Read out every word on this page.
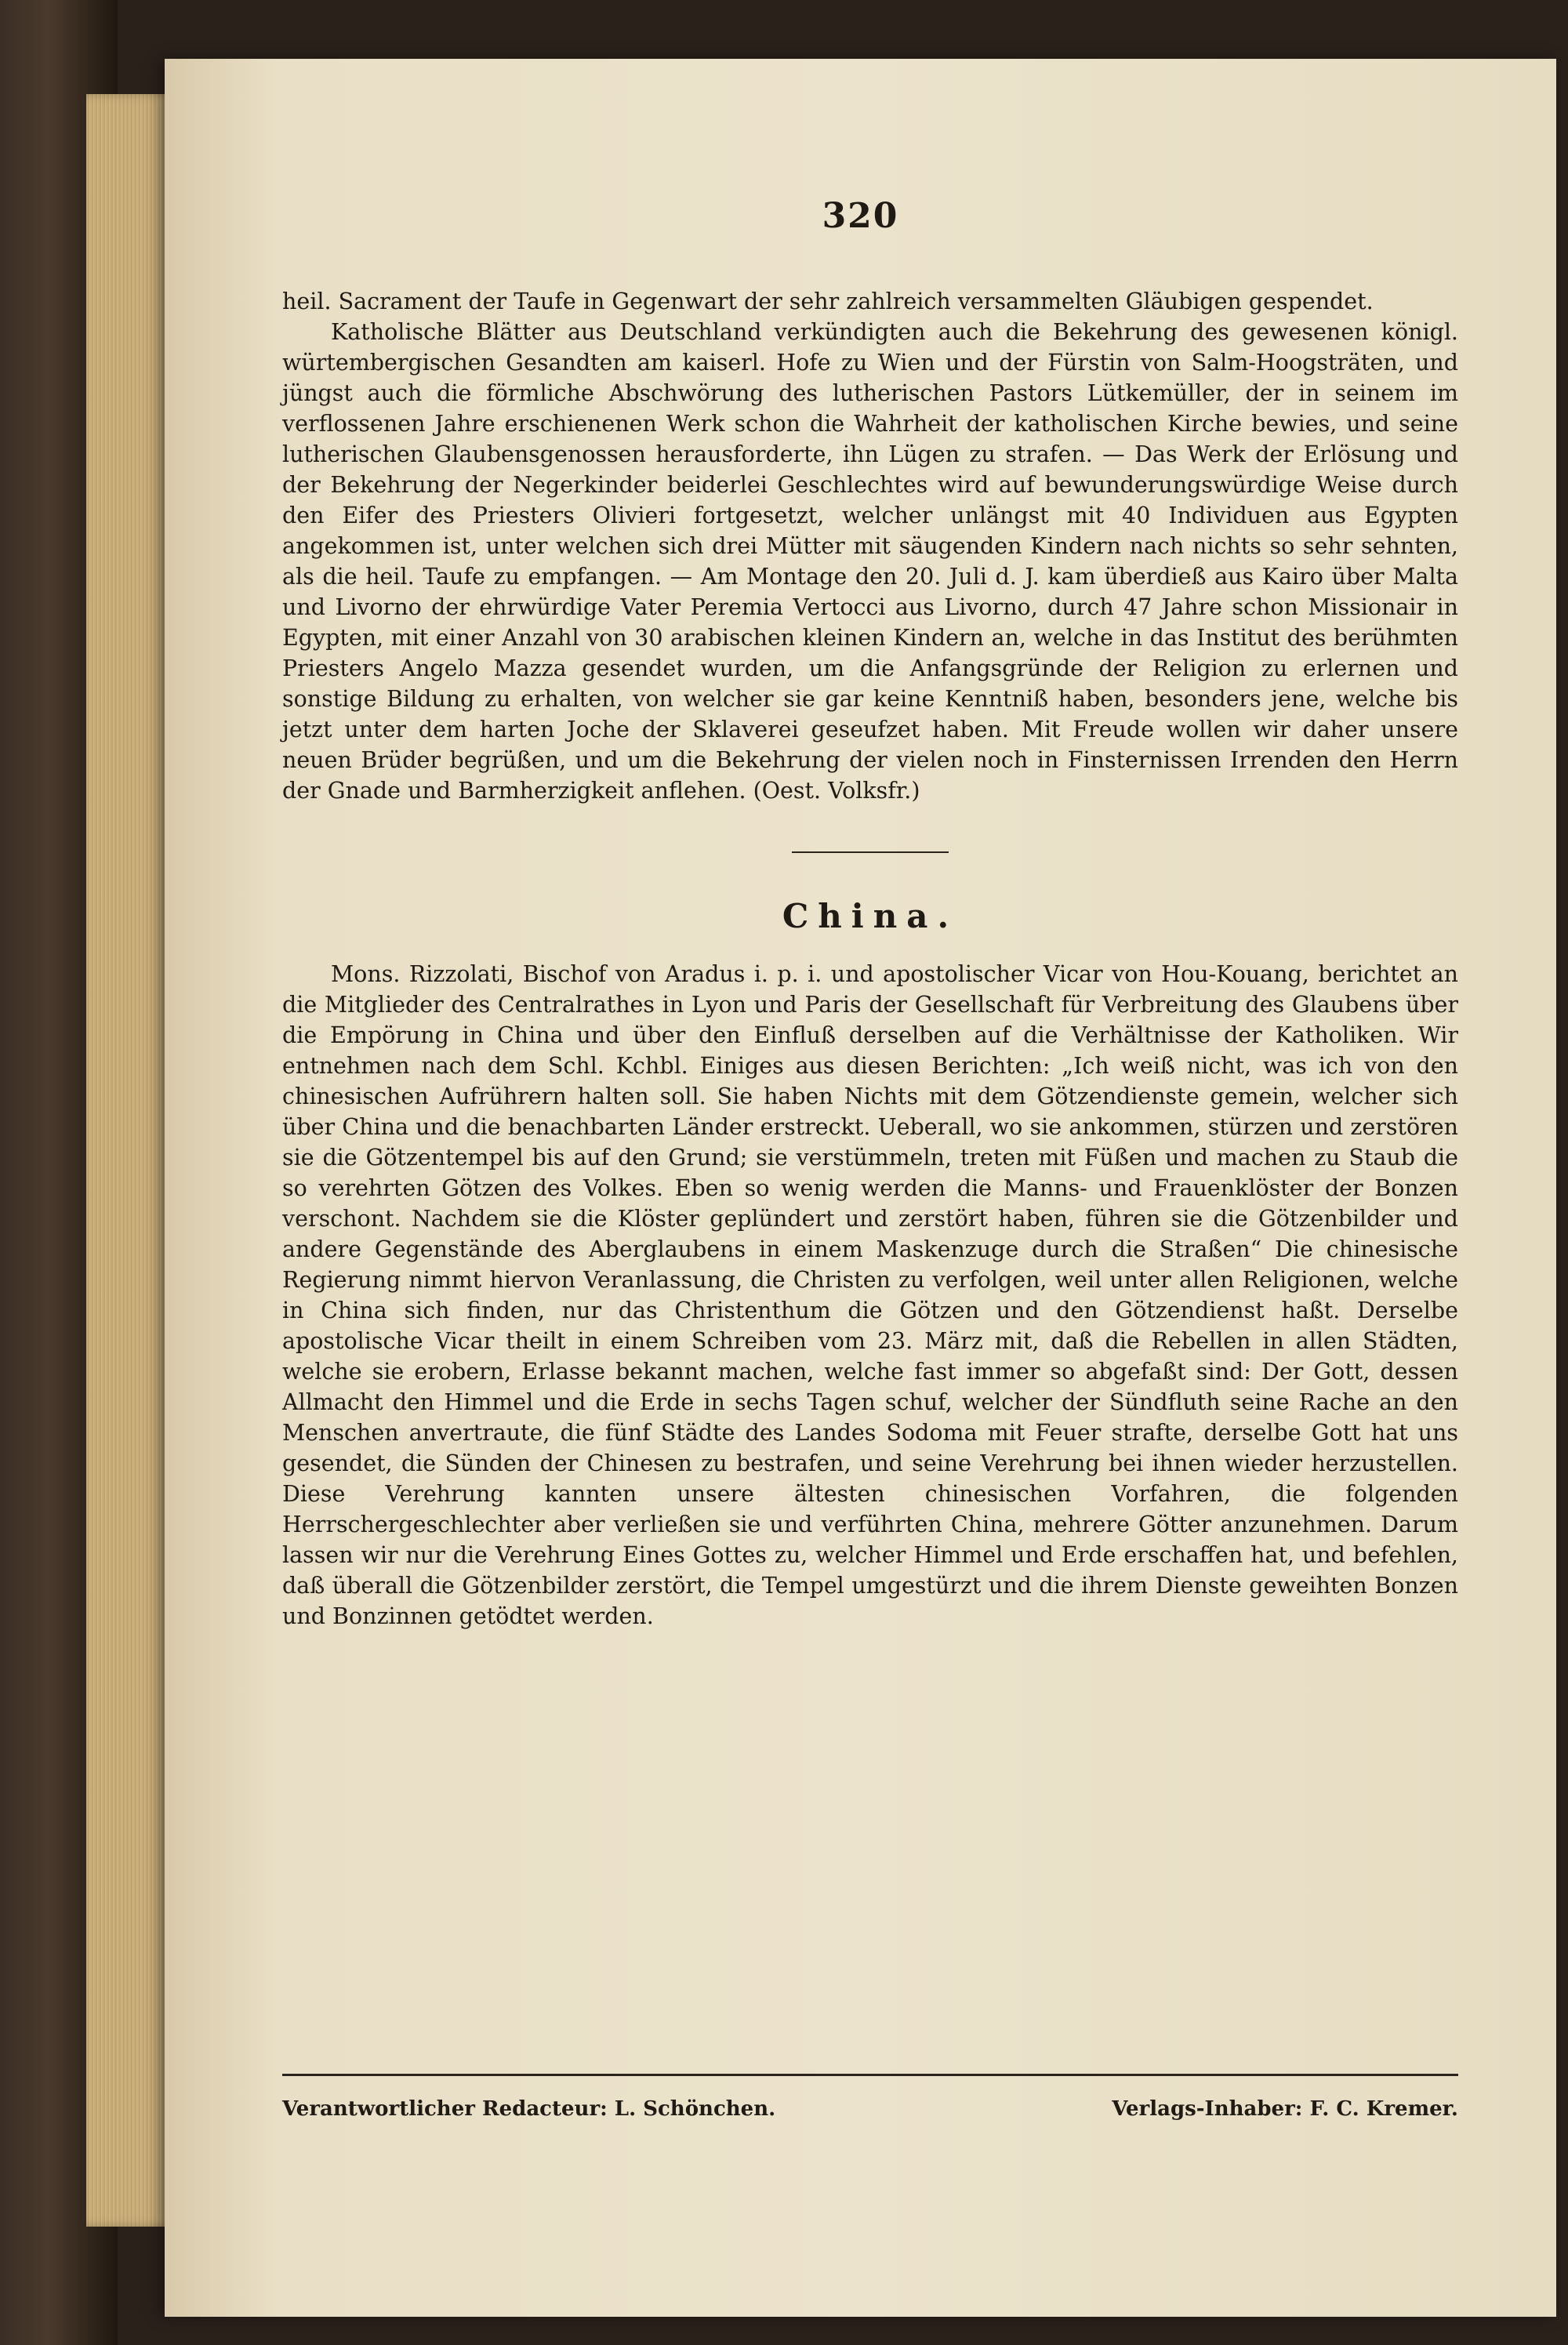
320

heil. Sacrament der Taufe in Gegenwart der sehr zahlreich versammelten Gläubigen gespendet.

Katholische Blätter aus Deutschland verkündigten auch die Bekehrung des gewesenen königl. würtembergischen Gesandten am kaiserl. Hofe zu Wien und der Fürstin von Salm-Hoogsträten, und jüngst auch die förmliche Abschwörung des lutherischen Pastors Lütkemüller, der in seinem im verflossenen Jahre erschienenen Werk schon die Wahrheit der katholischen Kirche bewies, und seine lutherischen Glaubensgenossen herausforderte, ihn Lügen zu strafen. — Das Werk der Erlösung und der Bekehrung der Negerkinder beiderlei Geschlechtes wird auf bewunderungswürdige Weise durch den Eifer des Priesters Olivieri fortgesetzt, welcher unlängst mit 40 Individuen aus Egypten angekommen ist, unter welchen sich drei Mütter mit säugenden Kindern nach nichts so sehr sehnten, als die heil. Taufe zu empfangen. — Am Montage den 20. Juli d. J. kam überdieß aus Kairo über Malta und Livorno der ehrwürdige Vater Peremia Vertocci aus Livorno, durch 47 Jahre schon Missionair in Egypten, mit einer Anzahl von 30 arabischen kleinen Kindern an, welche in das Institut des berühmten Priesters Angelo Mazza gesendet wurden, um die Anfangsgründe der Religion zu erlernen und sonstige Bildung zu erhalten, von welcher sie gar keine Kenntniß haben, besonders jene, welche bis jetzt unter dem harten Joche der Sklaverei geseufzet haben. Mit Freude wollen wir daher unsere neuen Brüder begrüßen, und um die Bekehrung der vielen noch in Finsternissen Irrenden den Herrn der Gnade und Barmherzigkeit anflehen. (Oest. Volksfr.)

China.

Mons. Rizzolati, Bischof von Aradus i. p. i. und apostolischer Vicar von Hou-Kouang, berichtet an die Mitglieder des Centralrathes in Lyon und Paris der Gesellschaft für Verbreitung des Glaubens über die Empörung in China und über den Einfluß derselben auf die Verhältnisse der Katholiken. Wir entnehmen nach dem Schl. Kchbl. Einiges aus diesen Berichten: „Ich weiß nicht, was ich von den chinesischen Aufrührern halten soll. Sie haben Nichts mit dem Götzendienste gemein, welcher sich über China und die benachbarten Länder erstreckt. Ueberall, wo sie ankommen, stürzen und zerstören sie die Götzentempel bis auf den Grund; sie verstümmeln, treten mit Füßen und machen zu Staub die so verehrten Götzen des Volkes. Eben so wenig werden die Manns- und Frauenklöster der Bonzen verschont. Nachdem sie die Klöster geplündert und zerstört haben, führen sie die Götzenbilder und andere Gegenstände des Aberglaubens in einem Maskenzuge durch die Straßen“ Die chinesische Regierung nimmt hiervon Veranlassung, die Christen zu verfolgen, weil unter allen Religionen, welche in China sich finden, nur das Christenthum die Götzen und den Götzendienst haßt. Derselbe apostolische Vicar theilt in einem Schreiben vom 23. März mit, daß die Rebellen in allen Städten, welche sie erobern, Erlasse bekannt machen, welche fast immer so abgefaßt sind: Der Gott, dessen Allmacht den Himmel und die Erde in sechs Tagen schuf, welcher der Sündfluth seine Rache an den Menschen anvertraute, die fünf Städte des Landes Sodoma mit Feuer strafte, derselbe Gott hat uns gesendet, die Sünden der Chinesen zu bestrafen, und seine Verehrung bei ihnen wieder herzustellen. Diese Verehrung kannten unsere ältesten chinesischen Vorfahren, die folgenden Herrschergeschlechter aber verließen sie und verführten China, mehrere Götter anzunehmen. Darum lassen wir nur die Verehrung Eines Gottes zu, welcher Himmel und Erde erschaffen hat, und befehlen, daß überall die Götzenbilder zerstört, die Tempel umgestürzt und die ihrem Dienste geweihten Bonzen und Bonzinnen getödtet werden.

Verantwortlicher Redacteur: L. Schönchen.	Verlags-Inhaber: F. C. Kremer.
